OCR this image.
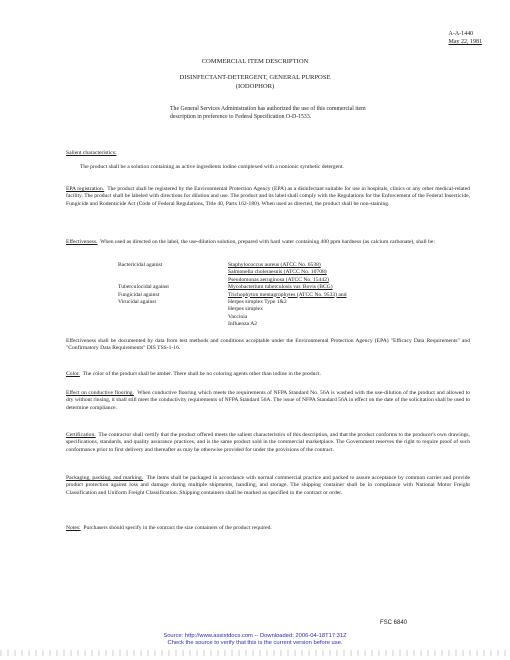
A-A-1440
May 22, 1981
COMMERCIAL ITEM DESCRIPTION
DISINFECTANT-DETERGENT, GENERAL PURPOSE
(IODOPHOR)
The General Services Administration has authorized the use of this commercial item description in preference to Federal Specification O-D-1533.
Salient characteristics:
The product shall be a solution containing as active ingredients iodine complexed with a nonionic synthetic detergent.
EPA registration. The product shall be registered by the Environmental Protection Agency (EPA) as a disinfectant suitable for use in hospitals, clinics or any other medical-related facility. The product shall be labeled with directions for dilution and use. The product and its label shall comply with the Regulations for the Enforcement of the Federal Insecticide, Fungicide and Rodenticide Act (Code of Federal Regulations, Title 40, Parts 162-180). When used as directed, the product shall be non-staining.
Effectiveness. When used as directed on the label, the use-dilution solution, prepared with hard water containing 400 ppm hardness (as calcium carbonate), shall be:
Bactericidal against	Staphylococcus aureus (ATCC No. 6538)
Salmonella choleraesuis (ATCC No. 10708)
Pseudomonas aeruginosa (ATCC No. 15442)
Tuberculocidal against	Mycobacterium tuberculosis var. Bovis (BCG)
Fungicidal against	Trichophyton mentagrophytes (ATCC No. 9533) and
Virucidal against	Herpes simplex Type 1&2
Herpes simplex
Vaccinia
Influenza A2
Effectiveness shall be documented by data from test methods and conditions acceptable under the Environmental Protection Agency (EPA) "Efficacy Data Requirements" and "Confirmatory Data Requirements" DIS TSS-1-16.
Color. The color of the product shall be amber. There shall be no coloring agents other than iodine in the product.
Effect on conductive flooring. When conductive flooring which meets the requirements of NFPA Standard No. 56A is washed with the use-dilution of the product and allowed to dry without rinsing, it shall still meet the conductivity requirements of NFPA Standard 56A. The issue of NFPA Standard 56A in effect on the date of the solicitation shall be used to determine compliance.
Certification. The contractor shall certify that the product offered meets the salient characteristics of this description, and that the product conforms to the producer's own drawings, specifications, standards, and quality assurance practices, and is the same product sold in the commercial marketplace. The Government reserves the right to require proof of such conformance prior to first delivery and thereafter as may be otherwise provided for under the provisions of the contract.
Packaging, packing, and marking. The items shall be packaged in accordance with normal commercial practice and packed to assure acceptance by common carrier and provide product protection against loss and damage during multiple shipments, handling, and storage. The shipping container shall be in compliance with National Motor Freight Classification and Uniform Freight Classification. Shipping containers shall be marked as specified in the contract or order.
Notes: Purchasers should specify in the contract the size containers of the product required.
FSC 6840
Source: http://www.assistdocs.com -- Downloaded: 2006-04-18T17:31Z
Check the source to verify that this is the current version before use.
